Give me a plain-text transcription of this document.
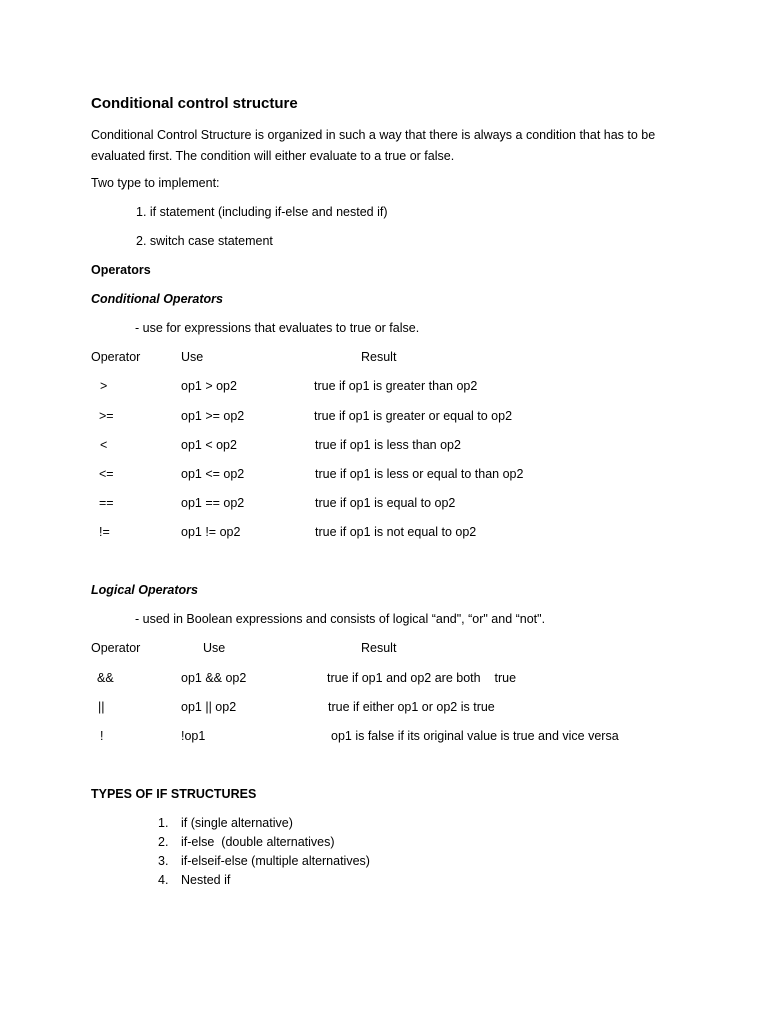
Conditional control structure
Conditional Control Structure is organized in such a way that there is always a condition that has to be evaluated first. The condition will either evaluate to a true or false.
Two type to implement:
1. if statement (including if-else and nested if)
2. switch case statement
Operators
Conditional Operators
- use for expressions that evaluates to true or false.
Operator	Use	Result
>	op1 > op2	true if op1 is greater than op2
>=	op1 >= op2	true if op1 is greater or equal to op2
<	op1 < op2	true if op1 is less than op2
<=	op1 <= op2	true if op1 is less or equal to than op2
==	op1 == op2	true if op1 is equal to op2
!=	op1 != op2	true if op1 is not equal to op2
Logical Operators
- used in Boolean expressions and consists of logical “and", “or" and “not".
Operator	Use	Result
&&	op1 && op2	true if op1 and op2 are both    true
||	op1 || op2	true if either op1 or op2 is true
!	!op1	op1 is false if its original value is true and vice versa
TYPES OF IF STRUCTURES
1. if (single alternative)
2. if-else  (double alternatives)
3. if-elseif-else (multiple alternatives)
4. Nested if
